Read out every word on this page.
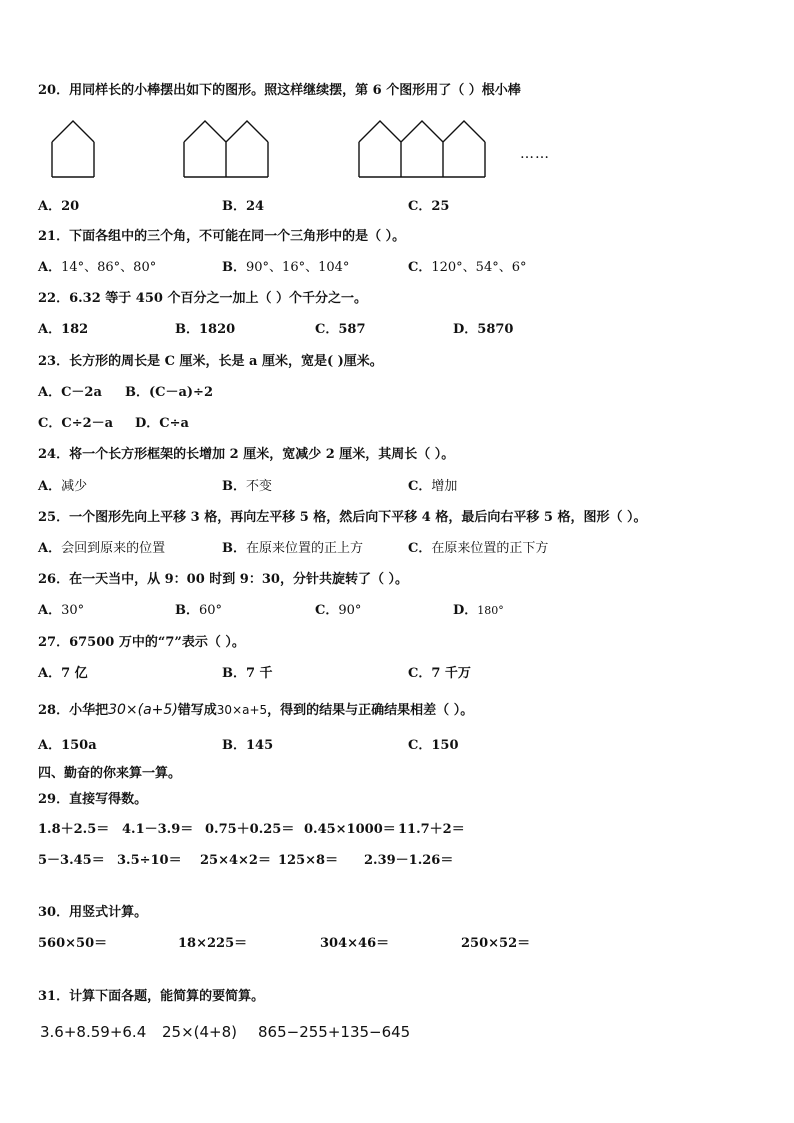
20．用同样长的小棒摆出如下的图形。照这样继续摆，第 6 个图形用了（ ）根小棒
……
A．20	B．24	C．25
21．下面各组中的三个角，不可能在同一个三角形中的是（ ）。
A．14°、86°、80°	B．90°、16°、104°	C．120°、54°、6°
22．6.32 等于 450 个百分之一加上（ ）个千分之一。
A．182	B．1820	C．587	D．5870
23．长方形的周长是 C 厘米，长是 a 厘米，宽是( )厘米。
A．C－2a B．(C－a)÷2
C．C÷2－a D．C÷a
24．将一个长方形框架的长增加 2 厘米，宽减少 2 厘米，其周长（ ）。
A．减少	B．不变	C．增加
25．一个图形先向上平移 3 格，再向左平移 5 格，然后向下平移 4 格，最后向右平移 5 格，图形（ ）。
A．会回到原来的位置	B．在原来位置的正上方	C．在原来位置的正下方
26．在一天当中，从 9：00 时到 9：30，分针共旋转了（ ）。
A．30°	B．60°	C．90°	D．180°
27．67500 万中的“7”表示（ ）。
A．7 亿	B．7 千	C．7 千万
28．小华把30×(a+5)错写成30×a+5，得到的结果与正确结果相差（ ）。
A．150a	B．145	C．150
四、勤奋的你来算一算。
29．直接写得数。
1.8＋2.5＝ 4.1－3.9＝ 0.75＋0.25＝ 0.45×1000＝ 11.7＋2＝
5－3.45＝ 3.5÷10＝ 25×4×2＝ 125×8＝ 2.39－1.26＝
30．用竖式计算。
560×50＝	18×225＝	304×46＝	250×52＝
31．计算下面各题，能简算的要简算。
3.6+8.59+6.4 25×(4+8) 865−255+135−645
